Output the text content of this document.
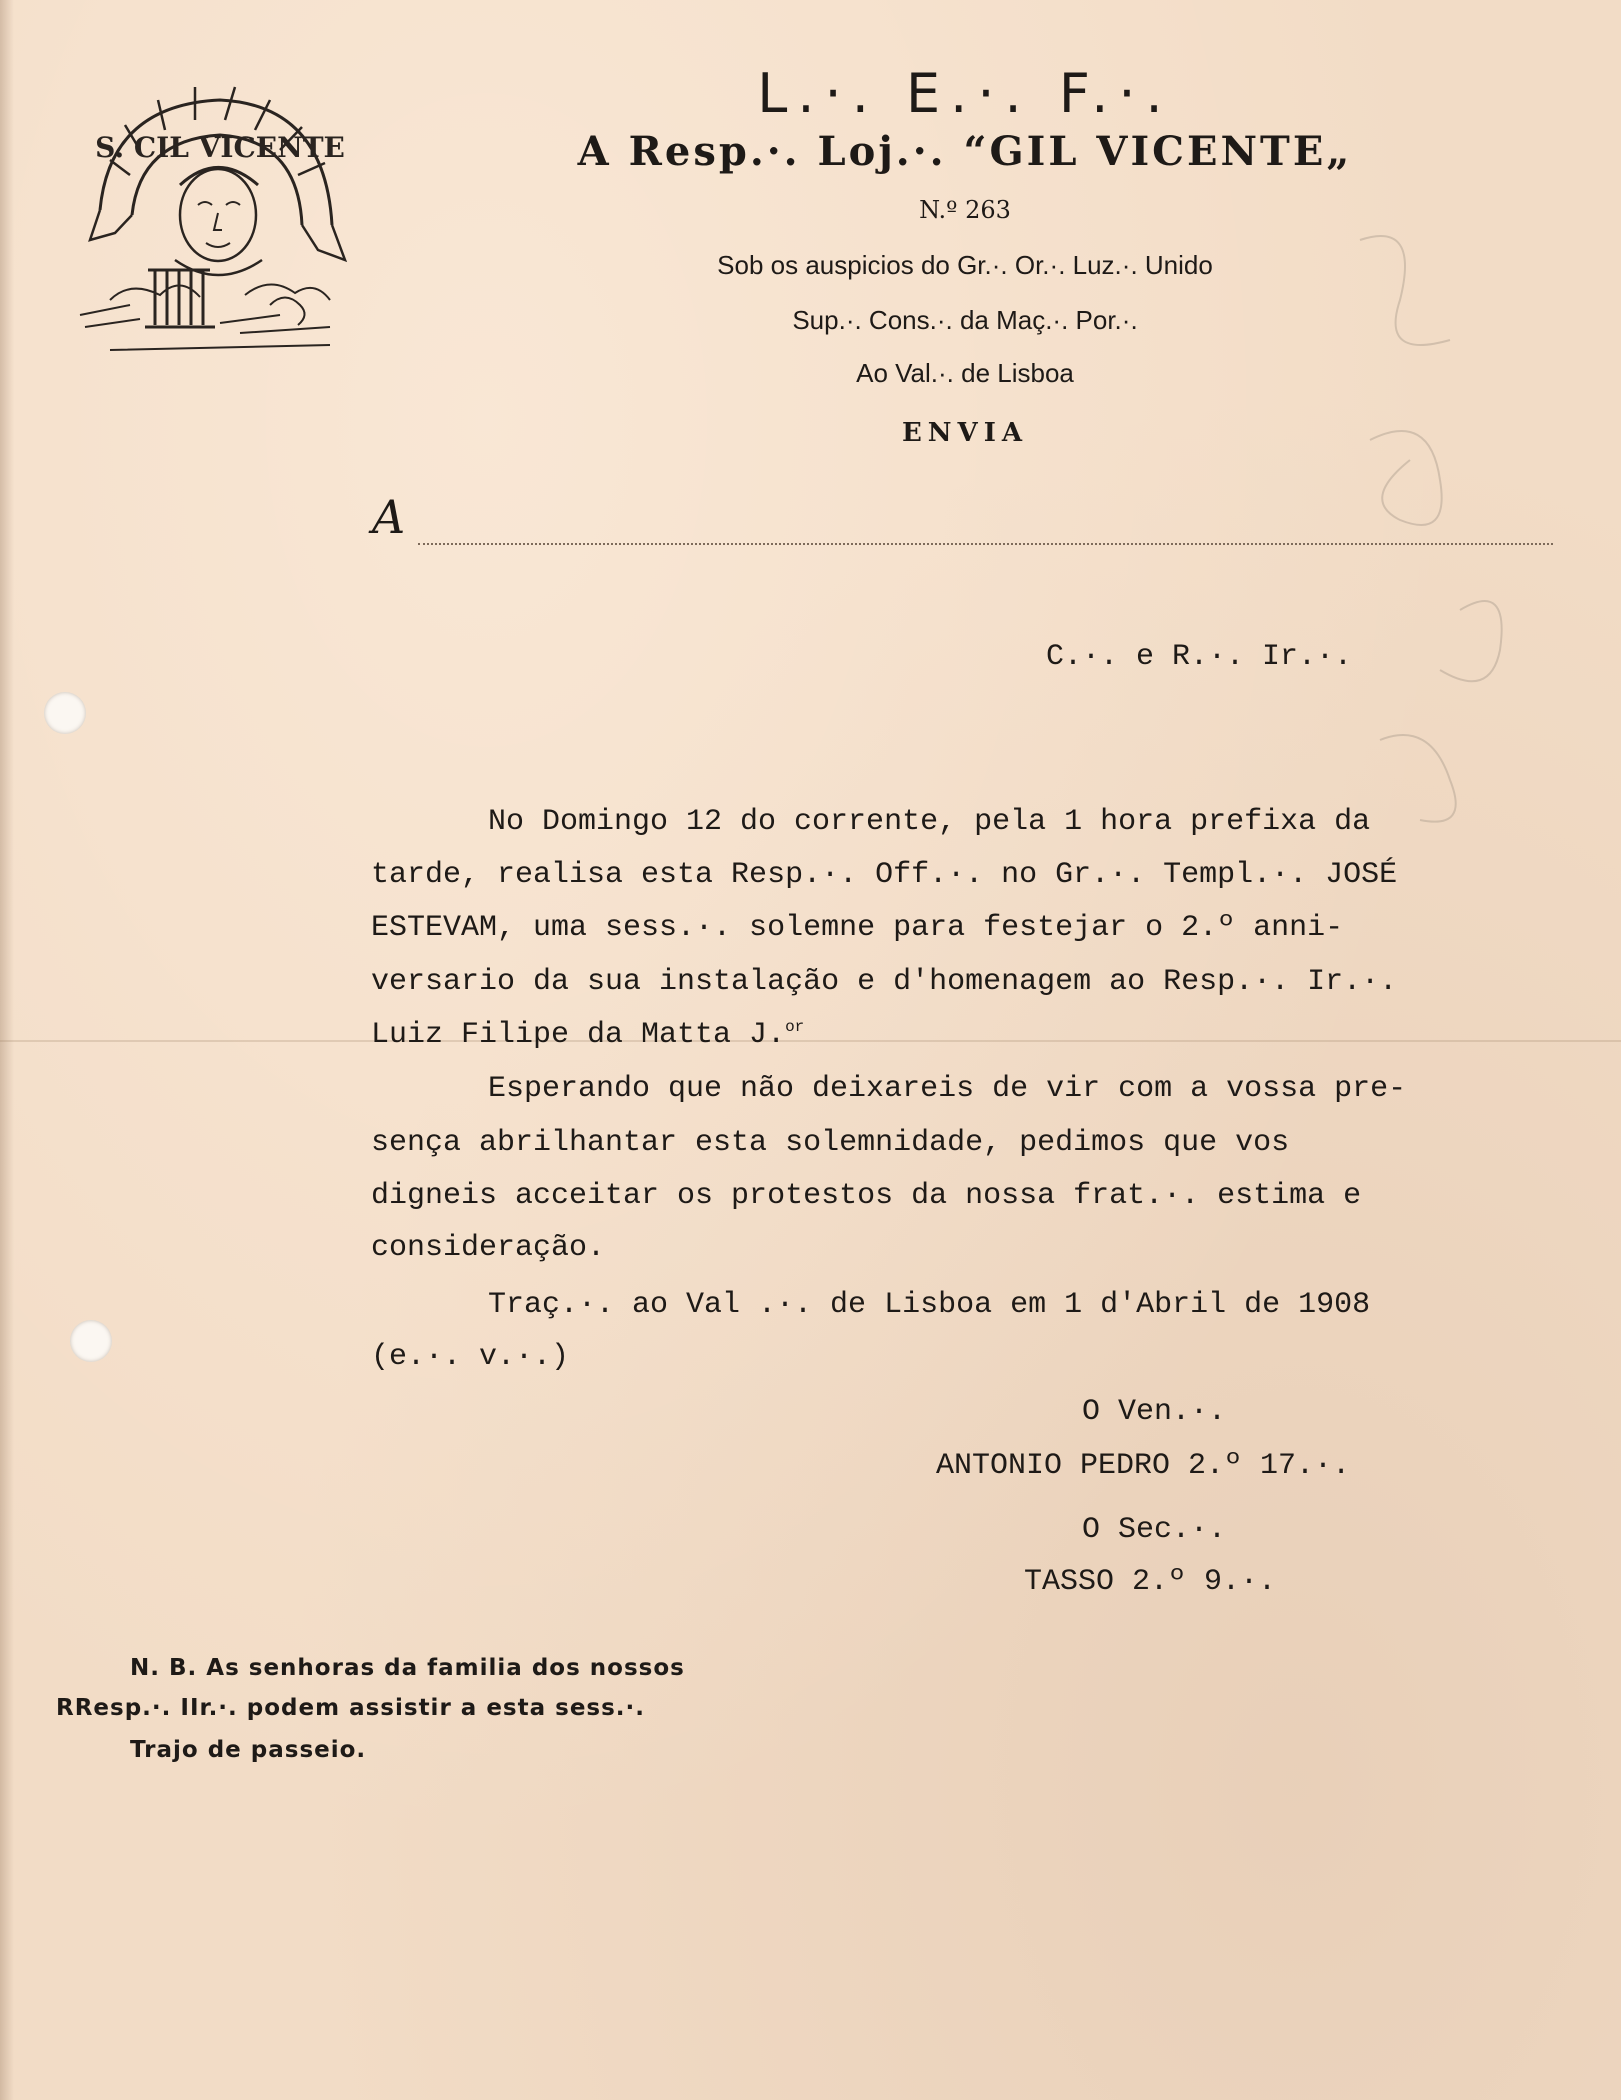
S. CIL VICENTE
L.·. E.·. F.·.
A Resp.·. Loj.·. “GIL VICENTE„
N.º 263
Sob os auspicios do Gr.·. Or.·. Luz.·. Unido
Sup.·. Cons.·. da Maç.·. Por.·.
Ao Val.·. de Lisboa
ENVIA
A
C.·. e R.·. Ir.·.
No Domingo 12 do corrente, pela 1 hora prefixa da
tarde, realisa esta Resp.·. Off.·. no Gr.·. Templ.·. JOSÉ
ESTEVAM, uma sess.·. solemne para festejar o 2.º anni-
versario da sua instalação e d'homenagem ao Resp.·. Ir.·.
Luiz Filipe da Matta J.$^{or}$
Esperando que não deixareis de vir com a vossa pre-
sença abrilhantar esta solemnidade, pedimos que vos
digneis acceitar os protestos da nossa frat.·. estima e
consideração.
Traç.·. ao Val .·. de Lisboa em 1 d'Abril de 1908
(e.·. v.·.)
O Ven.·.
ANTONIO PEDRO 2.º 17.·.
O Sec.·.
TASSO 2.º 9.·.
N. B. As senhoras da familia dos nossos
RResp.·. IIr.·. podem assistir a esta sess.·.
Trajo de passeio.
